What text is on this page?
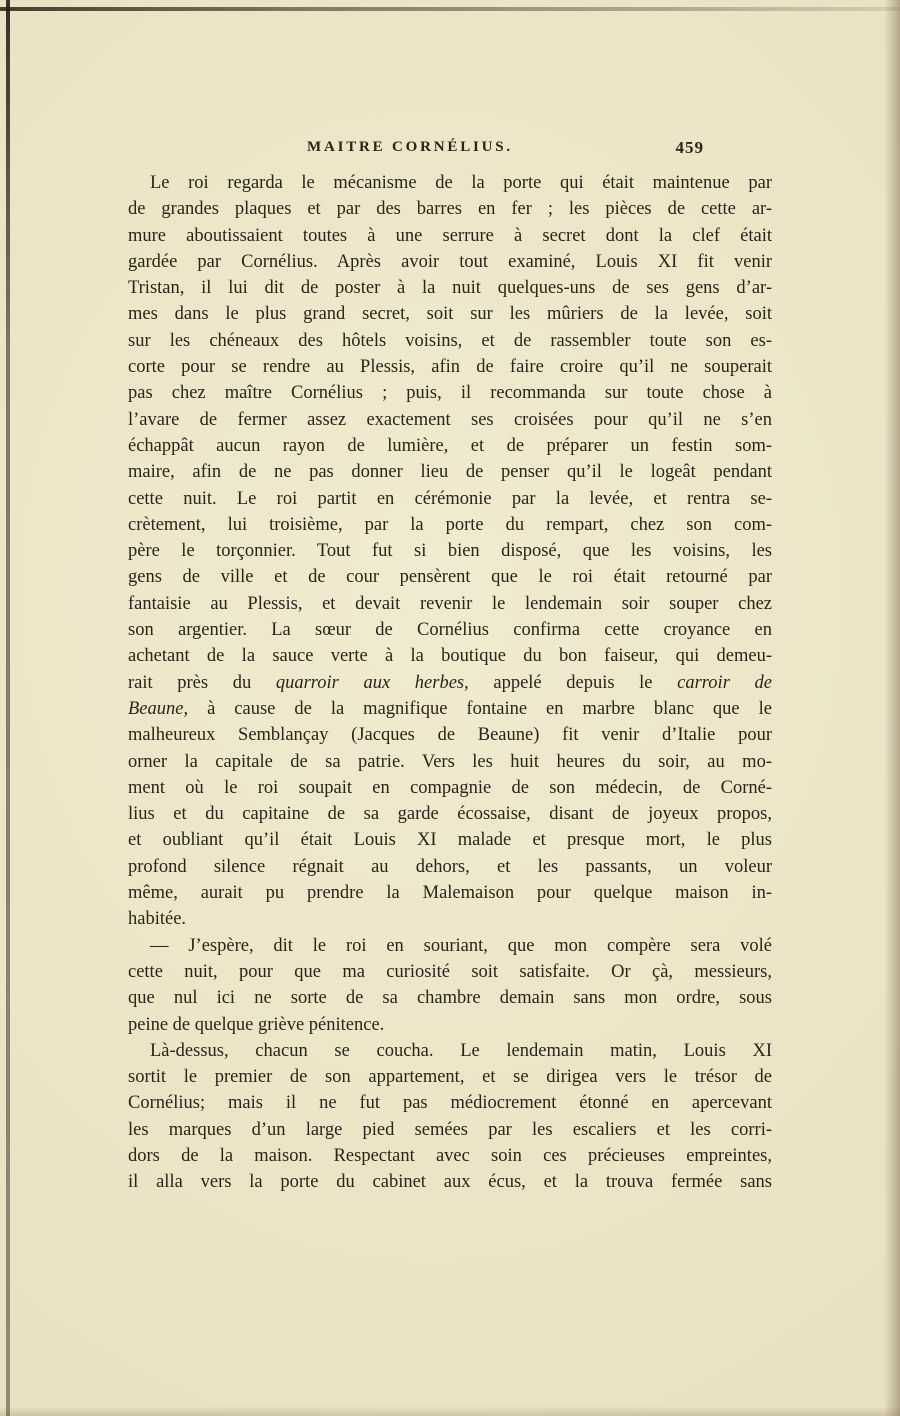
MAITRE CORNÉLIUS.	459
Le roi regarda le mécanisme de la porte qui était maintenue par
de grandes plaques et par des barres en fer ; les pièces de cette ar-
mure aboutissaient toutes à une serrure à secret dont la clef était
gardée par Cornélius. Après avoir tout examiné, Louis XI fit venir
Tristan, il lui dit de poster à la nuit quelques-uns de ses gens d’ar-
mes dans le plus grand secret, soit sur les mûriers de la levée, soit
sur les chéneaux des hôtels voisins, et de rassembler toute son es-
corte pour se rendre au Plessis, afin de faire croire qu’il ne souperait
pas chez maître Cornélius ; puis, il recommanda sur toute chose à
l’avare de fermer assez exactement ses croisées pour qu’il ne s’en
échappât aucun rayon de lumière, et de préparer un festin som-
maire, afin de ne pas donner lieu de penser qu’il le logeât pendant
cette nuit. Le roi partit en cérémonie par la levée, et rentra se-
crètement, lui troisième, par la porte du rempart, chez son com-
père le torçonnier. Tout fut si bien disposé, que les voisins, les
gens de ville et de cour pensèrent que le roi était retourné par
fantaisie au Plessis, et devait revenir le lendemain soir souper chez
son argentier. La sœur de Cornélius confirma cette croyance en
achetant de la sauce verte à la boutique du bon faiseur, qui demeu-
rait près du quarroir aux herbes, appelé depuis le carroir de
Beaune, à cause de la magnifique fontaine en marbre blanc que le
malheureux Semblançay (Jacques de Beaune) fit venir d’Italie pour
orner la capitale de sa patrie. Vers les huit heures du soir, au mo-
ment où le roi soupait en compagnie de son médecin, de Corné-
lius et du capitaine de sa garde écossaise, disant de joyeux propos,
et oubliant qu’il était Louis XI malade et presque mort, le plus
profond silence régnait au dehors, et les passants, un voleur
même, aurait pu prendre la Malemaison pour quelque maison in-
habitée.
— J’espère, dit le roi en souriant, que mon compère sera volé
cette nuit, pour que ma curiosité soit satisfaite. Or çà, messieurs,
que nul ici ne sorte de sa chambre demain sans mon ordre, sous
peine de quelque griève pénitence.
Là-dessus, chacun se coucha. Le lendemain matin, Louis XI
sortit le premier de son appartement, et se dirigea vers le trésor de
Cornélius; mais il ne fut pas médiocrement étonné en apercevant
les marques d’un large pied semées par les escaliers et les corri-
dors de la maison. Respectant avec soin ces précieuses empreintes,
il alla vers la porte du cabinet aux écus, et la trouva fermée sans
